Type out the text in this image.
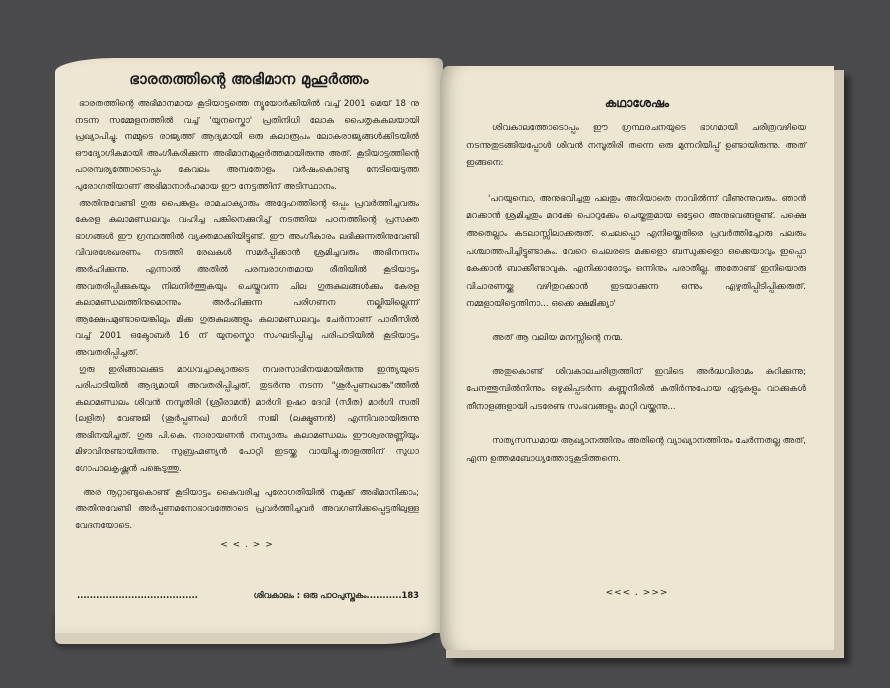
ഭാരതത്തിന്റെ അഭിമാന മുഹൂർത്തം

ഭാരതത്തിന്റെ അഭിമാനമായ കൂടിയാട്ടത്തെ ന്യൂയോർക്കിയിൽ വച്ച് 2001 മെയ് 18 നു നടന്ന സമ്മേളനത്തിൽ വച്ച് 'യുനസ്കൊ' പ്രതിനിധി ലോക പൈതൃകകലയായി പ്രഖ്യാപിച്ചു. നമ്മുടെ രാജ്യത്ത് ആദ്യമായി ഒരു കലാരൂപം ലോകരാജ്യങ്ങൾക്കിടയിൽ ഔദ്യോഗികമായി അംഗീകരിക്കുന്ന അഭിമാനമുഹൂർത്തമായിരുന്നു അത്. കൂടിയാട്ടത്തിന്റെ പാരമ്പര്യത്തോടൊപ്പം കേവലം അമ്പതോളം വർഷംകൊണ്ടു നേടിയെടുത്ത പുരോഗതിയാണ് അഭിമാനാർഹമായ ഈ നേട്ടത്തിന് അടിസ്ഥാനം.

അതിനുവേണ്ടി ഗുരു പൈങ്കുളം രാമചാക്യാരും അദ്ദേഹത്തിന്റെ ഒപ്പം പ്രവർത്തിച്ചവരും കേരള കലാമണ്ഡലവും വഹിച്ച പങ്കിനെക്കുറിച്ച് നടത്തിയ പഠനത്തിന്റെ പ്രസക്ത ഭാഗങ്ങൾ ഈ ഗ്രന്ഥത്തിൽ വ്യക്തമാക്കിയിട്ടുണ്ട്. ഈ അംഗീകാരം ലഭിക്കുന്നതിനുവേണ്ടി വിവരശേഖരണം നടത്തി രേഖകൾ സമർപ്പിക്കാൻ ശ്രമിച്ചവരും അഭിനന്ദനം അർഹിക്കുന്നു. എന്നാൽ അതിൽ പരമ്പരാഗതമായ രീതിയിൽ കൂടിയാട്ടം അവതരിപ്പിക്കുകയും നിലനിർത്തുകയും ചെയ്തുവന്ന ചില ഗുരുകുലങ്ങൾക്കും കേരള കലാമണ്ഡലത്തിനുമൊന്നും അർഹിക്കുന്ന പരിഗണന നല്കിയില്ലെന്ന് ആക്ഷേപമുണ്ടായെങ്കിലും മിക്ക ഗുരുകുലങ്ങളും കലാമണ്ഡലവും ചേർന്നാണ് പാരീസിൽ വച്ച് 2001 ഒക്ടോബർ 16 ന് യുനസ്കൊ സംഘടിപ്പിച്ച പരിപാടിയിൽ കൂടിയാട്ടം അവതരിപ്പിച്ചത്.

ഗുരു ഇരിങ്ങാലക്കുട മാധവച്ചാക്യാരുടെ നവരസാഭിനയമായിരുന്നു ഇന്ത്യയുടെ പരിപാടിയിൽ ആദ്യമായി അവതരിപ്പിച്ചത്. തുടർന്നു നടന്ന "ശൂർപ്പണഖാങ്ക"ത്തിൽ കലാമണ്ഡലം ശിവൻ നമ്പൂതിരി (ശ്രീരാമൻ) മാർഗി ഉഷാ ദേവി (സീത) മാർഗി സതി (ലളിത) വേണുജി (ശൂർപ്പണഖ) മാർഗി സജി (ലക്ഷ്മണൻ) എന്നിവരായിരുന്നു അഭിനയിച്ചത്. ഗുരു പി.കെ. നാരായണൻ നമ്പ്യാരും കലാമണ്ഡലം ഈശ്വരനുണ്ണിയും മിഴാവിനുണ്ടായിരുന്നു. സുബ്രഹ്മണ്യൻ പോറ്റി ഇടയ്ക്ക വായിച്ചു.താളത്തിന് സുധാ ഗോപാലകൃഷ്ണൻ പങ്കെടുത്തു.

അര നൂറ്റാണ്ടുകൊണ്ട് കൂടിയാട്ടം കൈവരിച്ച പുരോഗതിയിൽ നമുക്ക് അഭിമാനിക്കാം; അതിനുവേണ്ടി അർപ്പണമനോഭാവത്തോടെ പ്രവർത്തിച്ചവർ അവഗണിക്കപ്പെട്ടതിലുള്ള വേദനയോടെ.

< < . > >
......................................	ശിവകാലം : ഒരു പാഠപുസ്തകം...........183
കഥാശേഷം

ശിവകാലത്തോടൊപ്പം ഈ ഗ്രന്ഥരചനയുടെ ഭാഗമായി ചരിത്രവഴിയെ നടന്നുതുടങ്ങിയപ്പോൾ ശിവൻ നമ്പൂതിരി തന്നെ ഒരു മുന്നറിയിപ്പ് ഉണ്ടായിരുന്നു. അത് ഇങ്ങനെ:

'പറയുമ്പൊ, അനുഭവിച്ചതു പലതും അറിയാതെ നാവിൽന്ന് വീണുന്നുവരും. ഞാൻ മറക്കാൻ ശ്രമിച്ചതും മറക്കേ പൊറുക്കേം ചെയ്തതുമായ ഒട്ടേറെ അനുഭവങ്ങളുണ്ട്. പക്ഷെ അതെല്ലാം കടലാസ്സിലാക്കരുത്. ചെലപ്പൊ എനിയ്ക്കെതിരെ പ്രവർത്തിച്ചോരു പലരും പശ്ചാത്തപിച്ചിട്ടുണ്ടാകും. വേറെ ചെലരടെ മക്കളൊ ബന്ധുക്കളൊ ഒക്കെയാവും ഇപ്പൊ കേക്കാൻ ബാക്കീണ്ടാവുക. എനിക്കാരോടും ഒന്നിനും പരാതീല്ല. അതോണ്ട് ഇനിയൊരു വിചാരണയ്ക്കു വഴിതുറക്കാൻ ഇടയാക്കുന്ന ഒന്നും എഴുതിപ്പിടിപ്പിക്കരുത്. നമ്മളായിട്ടെന്തിനാ... ഒക്കെ ക്ഷമിക്ക്യാ'

അത് ആ വലിയ മനസ്സിന്റെ നന്മ.

അതുകൊണ്ട് ശിവകാലചരിത്രത്തിന് ഇവിടെ അർദ്ധവിരാമം കുറിക്കുന്നു; പേനത്തുമ്പിൽനിന്നും ഒഴുകിപ്പടർന്ന കണ്ണുനീരിൽ കുതിർന്നുപോയ ഏടുകളും വാക്കുകൾ തീനാളങ്ങളായി പടരേണ്ട സംഭവങ്ങളും മാറ്റി വയ്ക്കുന്നു...

സത്യസന്ധമായ ആഖ്യാനത്തിനും അതിന്റെ വ്യാഖ്യാനത്തിനും ചേർന്നതല്ല അത്, എന്ന ഉത്തമബോധ്യത്തോടുകൂടിത്തന്നെ.

<<< . >>>
